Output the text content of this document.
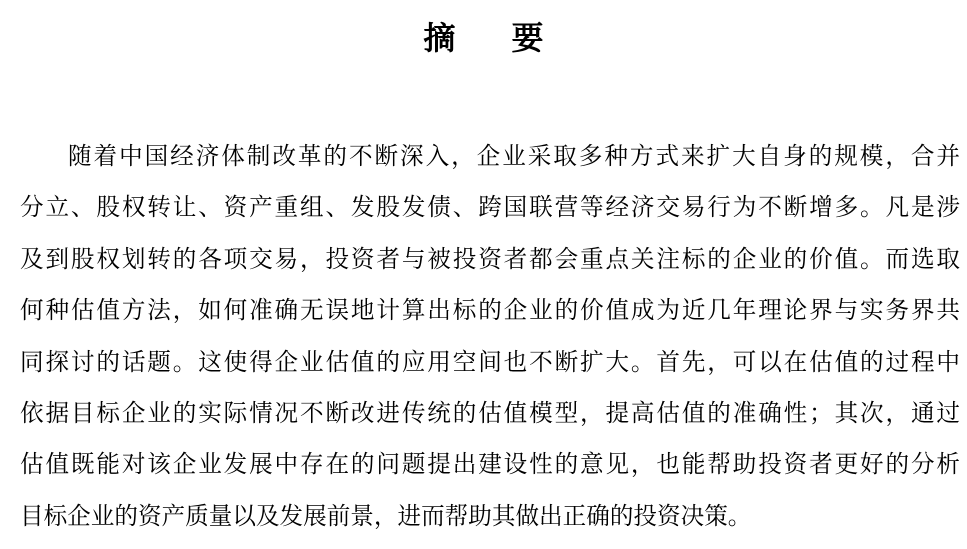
摘要
随着中国经济体制改革的不断深入，企业采取多种方式来扩大自身的规模，合并
分立、股权转让、资产重组、发股发债、跨国联营等经济交易行为不断增多。凡是涉
及到股权划转的各项交易，投资者与被投资者都会重点关注标的企业的价值。而选取
何种估值方法，如何准确无误地计算出标的企业的价值成为近几年理论界与实务界共
同探讨的话题。这使得企业估值的应用空间也不断扩大。首先，可以在估值的过程中
依据目标企业的实际情况不断改进传统的估值模型，提高估值的准确性；其次，通过
估值既能对该企业发展中存在的问题提出建设性的意见，也能帮助投资者更好的分析
目标企业的资产质量以及发展前景，进而帮助其做出正确的投资决策。
